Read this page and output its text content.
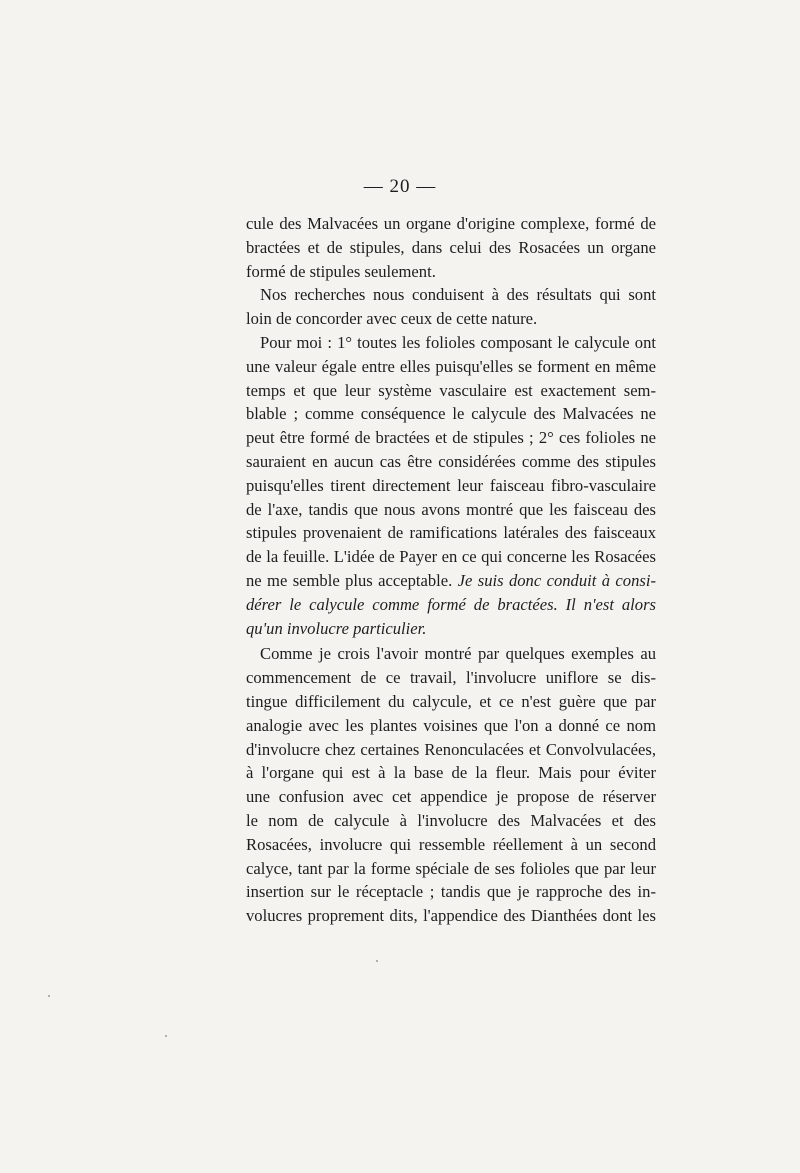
— 20 —
cule des Malvacées un organe d'origine complexe, formé de
bractées et de stipules, dans celui des Rosacées un organe
formé de stipules seulement.
Nos recherches nous conduisent à des résultats qui sont
loin de concorder avec ceux de cette nature.
Pour moi : 1° toutes les folioles composant le calycule ont
une valeur égale entre elles puisqu'elles se forment en même
temps et que leur système vasculaire est exactement sem-
blable ; comme conséquence le calycule des Malvacées ne
peut être formé de bractées et de stipules ; 2° ces folioles ne
sauraient en aucun cas être considérées comme des stipules
puisqu'elles tirent directement leur faisceau fibro-vasculaire
de l'axe, tandis que nous avons montré que les faisceau des
stipules provenaient de ramifications latérales des faisceaux
de la feuille. L'idée de Payer en ce qui concerne les Rosacées
ne me semble plus acceptable. Je suis donc conduit à consi-
dérer le calycule comme formé de bractées. Il n'est alors
qu'un involucre particulier.
Comme je crois l'avoir montré par quelques exemples au
commencement de ce travail, l'involucre uniflore se dis-
tingue difficilement du calycule, et ce n'est guère que par
analogie avec les plantes voisines que l'on a donné ce nom
d'involucre chez certaines Renonculacées et Convolvulacées,
à l'organe qui est à la base de la fleur. Mais pour éviter
une confusion avec cet appendice je propose de réserver
le nom de calycule à l'involucre des Malvacées et des
Rosacées, involucre qui ressemble réellement à un second
calyce, tant par la forme spéciale de ses folioles que par leur
insertion sur le réceptacle ; tandis que je rapproche des in-
volucres proprement dits, l'appendice des Dianthées dont les
